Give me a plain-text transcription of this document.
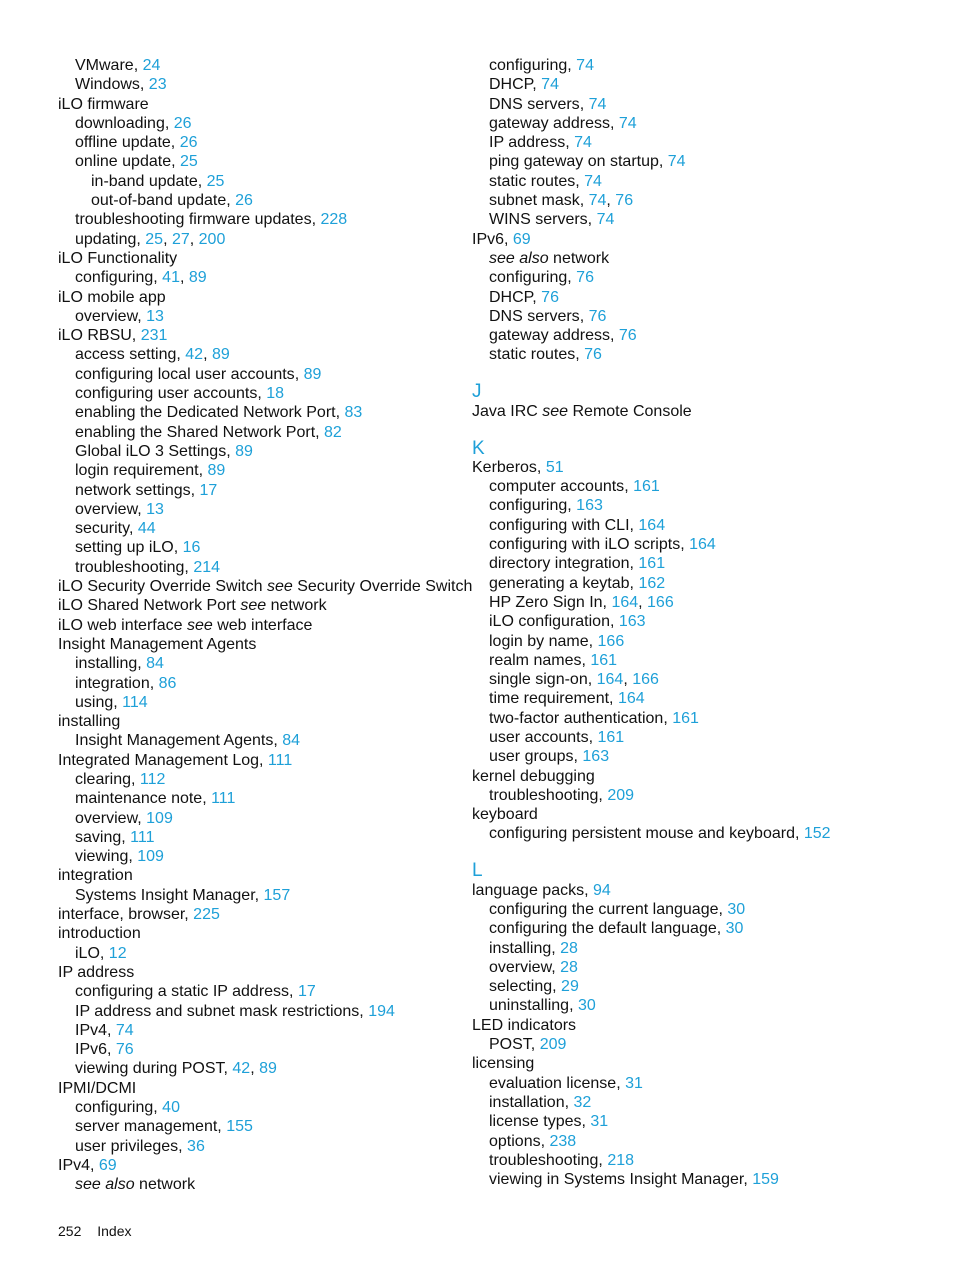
VMware, 24
Windows, 23
iLO firmware
downloading, 26
offline update, 26
online update, 25
in-band update, 25
out-of-band update, 26
troubleshooting firmware updates, 228
updating, 25, 27, 200
iLO Functionality
configuring, 41, 89
iLO mobile app
overview, 13
iLO RBSU, 231
access setting, 42, 89
configuring local user accounts, 89
configuring user accounts, 18
enabling the Dedicated Network Port, 83
enabling the Shared Network Port, 82
Global iLO 3 Settings, 89
login requirement, 89
network settings, 17
overview, 13
security, 44
setting up iLO, 16
troubleshooting, 214
iLO Security Override Switch see Security Override Switch
iLO Shared Network Port see network
iLO web interface see web interface
Insight Management Agents
installing, 84
integration, 86
using, 114
installing
Insight Management Agents, 84
Integrated Management Log, 111
clearing, 112
maintenance note, 111
overview, 109
saving, 111
viewing, 109
integration
Systems Insight Manager, 157
interface, browser, 225
introduction
iLO, 12
IP address
configuring a static IP address, 17
IP address and subnet mask restrictions, 194
IPv4, 74
IPv6, 76
viewing during POST, 42, 89
IPMI/DCMI
configuring, 40
server management, 155
user privileges, 36
IPv4, 69
see also network
configuring, 74
DHCP, 74
DNS servers, 74
gateway address, 74
IP address, 74
ping gateway on startup, 74
static routes, 74
subnet mask, 74, 76
WINS servers, 74
IPv6, 69
see also network
configuring, 76
DHCP, 76
DNS servers, 76
gateway address, 76
static routes, 76
J
Java IRC see Remote Console
K
Kerberos, 51
computer accounts, 161
configuring, 163
configuring with CLI, 164
configuring with iLO scripts, 164
directory integration, 161
generating a keytab, 162
HP Zero Sign In, 164, 166
iLO configuration, 163
login by name, 166
realm names, 161
single sign-on, 164, 166
time requirement, 164
two-factor authentication, 161
user accounts, 161
user groups, 163
kernel debugging
troubleshooting, 209
keyboard
configuring persistent mouse and keyboard, 152
L
language packs, 94
configuring the current language, 30
configuring the default language, 30
installing, 28
overview, 28
selecting, 29
uninstalling, 30
LED indicators
POST, 209
licensing
evaluation license, 31
installation, 32
license types, 31
options, 238
troubleshooting, 218
viewing in Systems Insight Manager, 159
252 Index
